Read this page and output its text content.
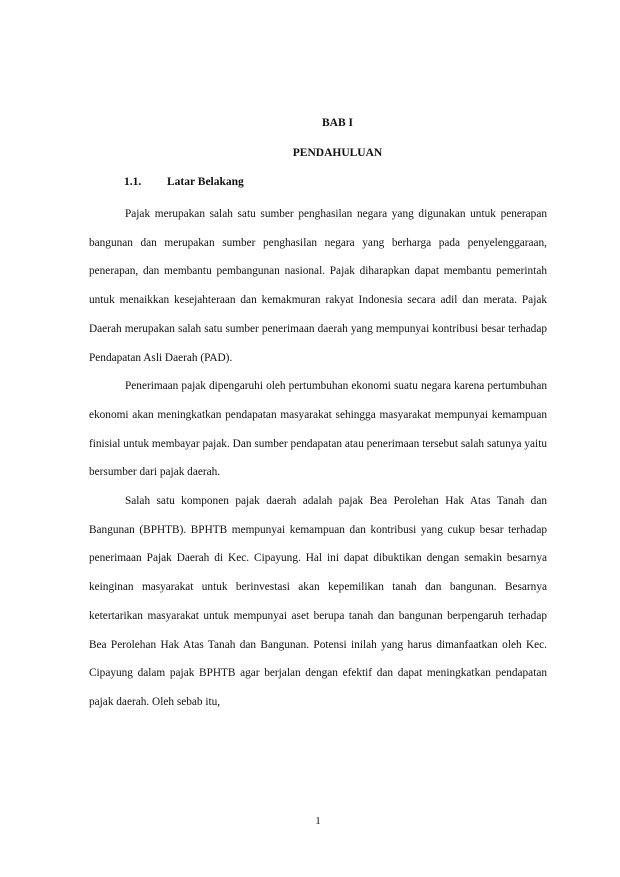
BAB I
PENDAHULUAN
1.1. Latar Belakang

Pajak merupakan salah satu sumber penghasilan negara yang digunakan untuk penerapan bangunan dan merupakan sumber penghasilan negara yang berharga pada penyelenggaraan, penerapan, dan membantu pembangunan nasional. Pajak diharapkan dapat membantu pemerintah untuk menaikkan kesejahteraan dan kemakmuran rakyat Indonesia secara adil dan merata. Pajak Daerah merupakan salah satu sumber penerimaan daerah yang mempunyai kontribusi besar terhadap Pendapatan Asli Daerah (PAD).

Penerimaan pajak dipengaruhi oleh pertumbuhan ekonomi suatu negara karena pertumbuhan ekonomi akan meningkatkan pendapatan masyarakat sehingga masyarakat mempunyai kemampuan finisial untuk membayar pajak. Dan sumber pendapatan atau penerimaan tersebut salah satunya yaitu bersumber dari pajak daerah.

Salah satu komponen pajak daerah adalah pajak Bea Perolehan Hak Atas Tanah dan Bangunan (BPHTB). BPHTB mempunyai kemampuan dan kontribusi yang cukup besar terhadap penerimaan Pajak Daerah di Kec. Cipayung. Hal ini dapat dibuktikan dengan semakin besarnya keinginan masyarakat untuk berinvestasi akan kepemilikan tanah dan bangunan. Besarnya ketertarikan masyarakat untuk mempunyai aset berupa tanah dan bangunan berpengaruh terhadap Bea Perolehan Hak Atas Tanah dan Bangunan. Potensi inilah yang harus dimanfaatkan oleh Kec. Cipayung dalam pajak BPHTB agar berjalan dengan efektif dan dapat meningkatkan pendapatan pajak daerah. Oleh sebab itu,

1
